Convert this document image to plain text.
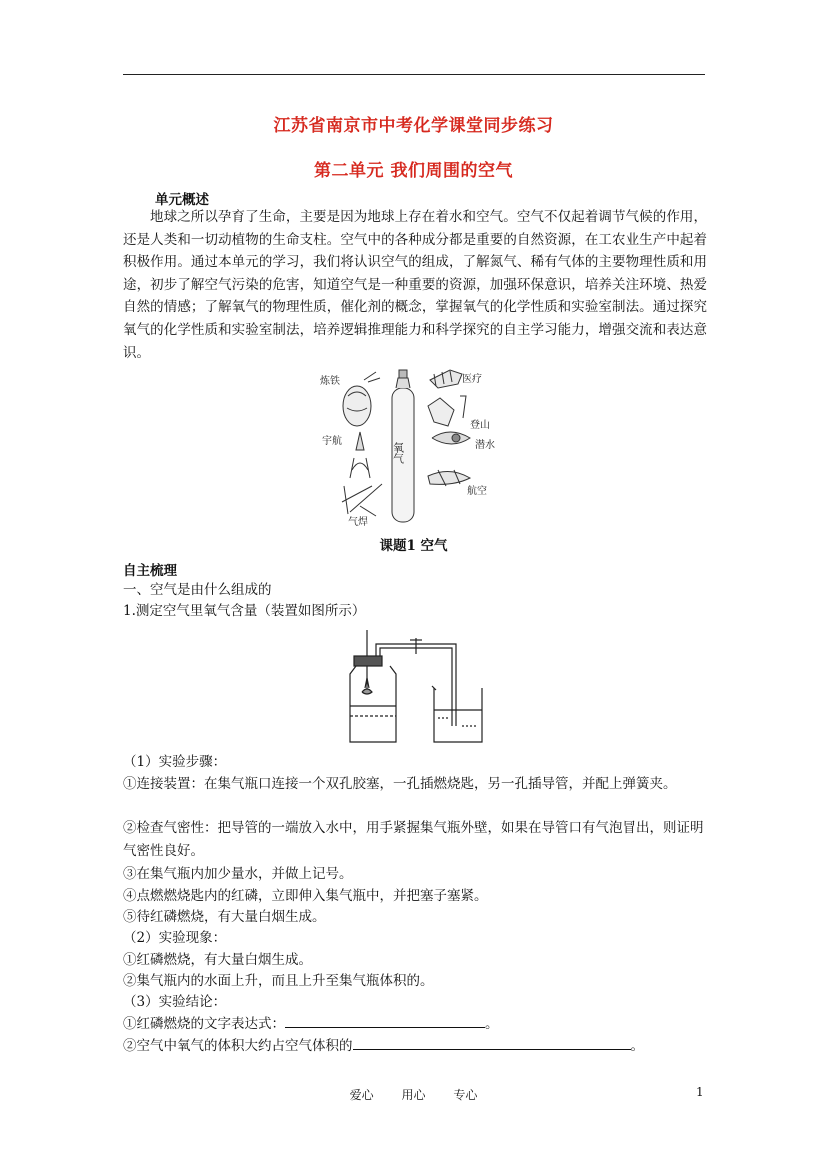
江苏省南京市中考化学课堂同步练习
第二单元 我们周围的空气
单元概述

地球之所以孕育了生命，主要是因为地球上存在着水和空气。空气不仅起着调节气候的作用，还是人类和一切动植物的生命支柱。空气中的各种成分都是重要的自然资源，在工农业生产中起着积极作用。通过本单元的学习，我们将认识空气的组成，了解氮气、稀有气体的主要物理性质和用途，初步了解空气污染的危害，知道空气是一种重要的资源，加强环保意识，培养关注环境、热爱自然的情感；了解氧气的物理性质，催化剂的概念，掌握氧气的化学性质和实验室制法。通过探究氧气的化学性质和实验室制法，培养逻辑推理能力和科学探究的自主学习能力，增强交流和表达意识。

炼铁	医疗
登山
宇航	潜水
航空
气焊
氧气
课题1 空气
自主梳理
一、空气是由什么组成的
1.测定空气里氧气含量（装置如图所示）
（1）实验步骤：
①连接装置：在集气瓶口连接一个双孔胶塞，一孔插燃烧匙，另一孔插导管，并配上弹簧夹。
②检查气密性：把导管的一端放入水中，用手紧握集气瓶外壁，如果在导管口有气泡冒出，则证明气密性良好。
③在集气瓶内加少量水，并做上记号。
④点燃燃烧匙内的红磷，立即伸入集气瓶中，并把塞子塞紧。
⑤待红磷燃烧，有大量白烟生成。
（2）实验现象：
①红磷燃烧，有大量白烟生成。
②集气瓶内的水面上升，而且上升至集气瓶体积的。
（3）实验结论：
①红磷燃烧的文字表达式：	。
②空气中氧气的体积大约占空气体积的	。
爱心 用心 专心	1
